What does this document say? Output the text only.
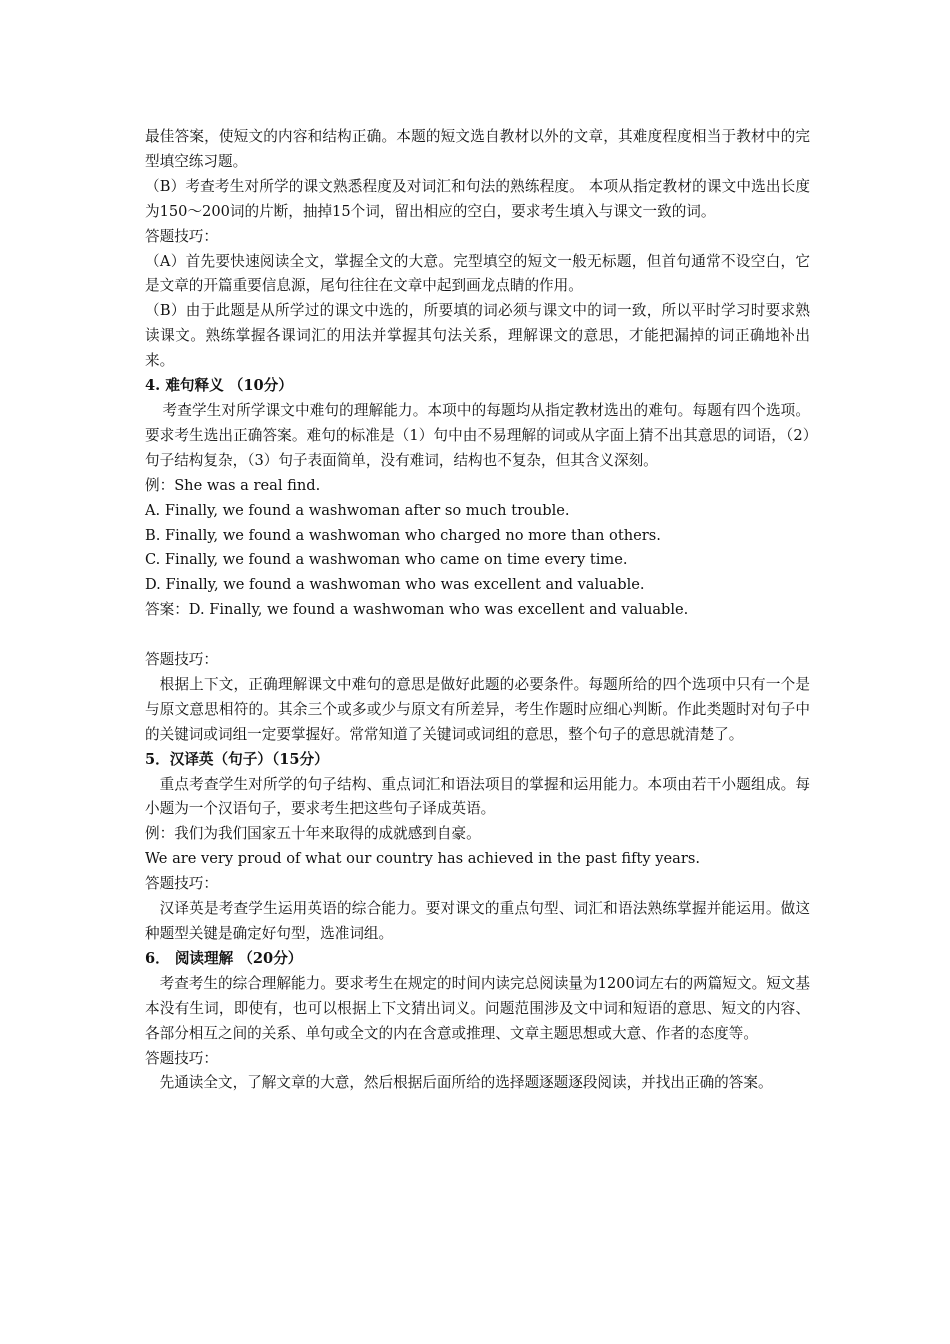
最佳答案，使短文的内容和结构正确。本题的短文选自教材以外的文章，其难度程度相当于教材中的完型填空练习题。

（B）考查考生对所学的课文熟悉程度及对词汇和句法的熟练程度。 本项从指定教材的课文中选出长度为150～200词的片断，抽掉15个词，留出相应的空白，要求考生填入与课文一致的词。

答题技巧：

（A）首先要快速阅读全文，掌握全文的大意。完型填空的短文一般无标题，但首句通常不设空白，它是文章的开篇重要信息源，尾句往往在文章中起到画龙点睛的作用。

（B）由于此题是从所学过的课文中选的，所要填的词必须与课文中的词一致，所以平时学习时要求熟读课文。熟练掌握各课词汇的用法并掌握其句法关系，理解课文的意思，才能把漏掉的词正确地补出来。

4. 难句释义 （10分）

考查学生对所学课文中难句的理解能力。本项中的每题均从指定教材选出的难句。每题有四个选项。要求考生选出正确答案。难句的标准是（1）句中由不易理解的词或从字面上猜不出其意思的词语，（2）句子结构复杂，（3）句子表面简单，没有难词，结构也不复杂，但其含义深刻。

例：She was a real find.

A. Finally, we found a washwoman after so much trouble.

B. Finally, we found a washwoman who charged no more than others.

C. Finally, we found a washwoman who came on time every time.

D. Finally, we found a washwoman who was excellent and valuable.

答案：D. Finally, we found a washwoman who was excellent and valuable.

答题技巧：

根据上下文，正确理解课文中难句的意思是做好此题的必要条件。每题所给的四个选项中只有一个是与原文意思相符的。其余三个或多或少与原文有所差异，考生作题时应细心判断。作此类题时对句子中的关键词或词组一定要掌握好。常常知道了关键词或词组的意思，整个句子的意思就清楚了。

5．汉译英（句子）（15分）

重点考查学生对所学的句子结构、重点词汇和语法项目的掌握和运用能力。本项由若干小题组成。每小题为一个汉语句子，要求考生把这些句子译成英语。

例：我们为我们国家五十年来取得的成就感到自豪。

We are very proud of what our country has achieved in the past fifty years.

答题技巧：

汉译英是考查学生运用英语的综合能力。要对课文的重点句型、词汇和语法熟练掌握并能运用。做这种题型关键是确定好句型，选准词组。

6． 阅读理解 （20分）

考查考生的综合理解能力。要求考生在规定的时间内读完总阅读量为1200词左右的两篇短文。短文基本没有生词，即使有，也可以根据上下文猜出词义。问题范围涉及文中词和短语的意思、短文的内容、各部分相互之间的关系、单句或全文的内在含意或推理、文章主题思想或大意、作者的态度等。

答题技巧：

先通读全文，了解文章的大意，然后根据后面所给的选择题逐题逐段阅读，并找出正确的答案。
